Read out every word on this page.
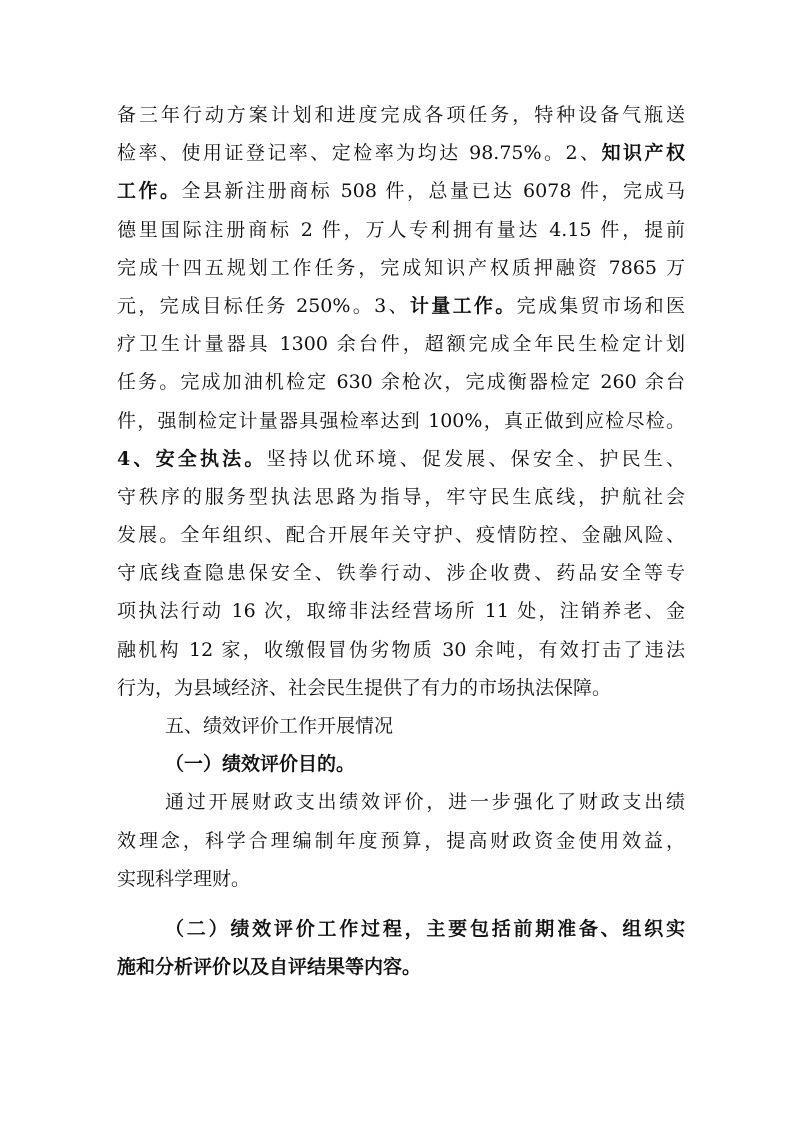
备三年行动方案计划和进度完成各项任务，特种设备气瓶送
检率、使用证登记率、定检率为均达 98.75%。2、知识产权
工作。全县新注册商标 508 件，总量已达 6078 件，完成马
德里国际注册商标 2 件，万人专利拥有量达 4.15 件，提前
完成十四五规划工作任务，完成知识产权质押融资 7865 万
元，完成目标任务 250%。3、计量工作。完成集贸市场和医
疗卫生计量器具 1300 余台件，超额完成全年民生检定计划
任务。完成加油机检定 630 余枪次，完成衡器检定 260 余台
件，强制检定计量器具强检率达到 100%，真正做到应检尽检。
4、安全执法。坚持以优环境、促发展、保安全、护民生、
守秩序的服务型执法思路为指导，牢守民生底线，护航社会
发展。全年组织、配合开展年关守护、疫情防控、金融风险、
守底线查隐患保安全、铁拳行动、涉企收费、药品安全等专
项执法行动 16 次，取缔非法经营场所 11 处，注销养老、金
融机构 12 家，收缴假冒伪劣物质 30 余吨，有效打击了违法
行为，为县域经济、社会民生提供了有力的市场执法保障。
五、绩效评价工作开展情况
（一）绩效评价目的。
通过开展财政支出绩效评价，进一步强化了财政支出绩
效理念，科学合理编制年度预算，提高财政资金使用效益，
实现科学理财。
（二）绩效评价工作过程，主要包括前期准备、组织实
施和分析评价以及自评结果等内容。
